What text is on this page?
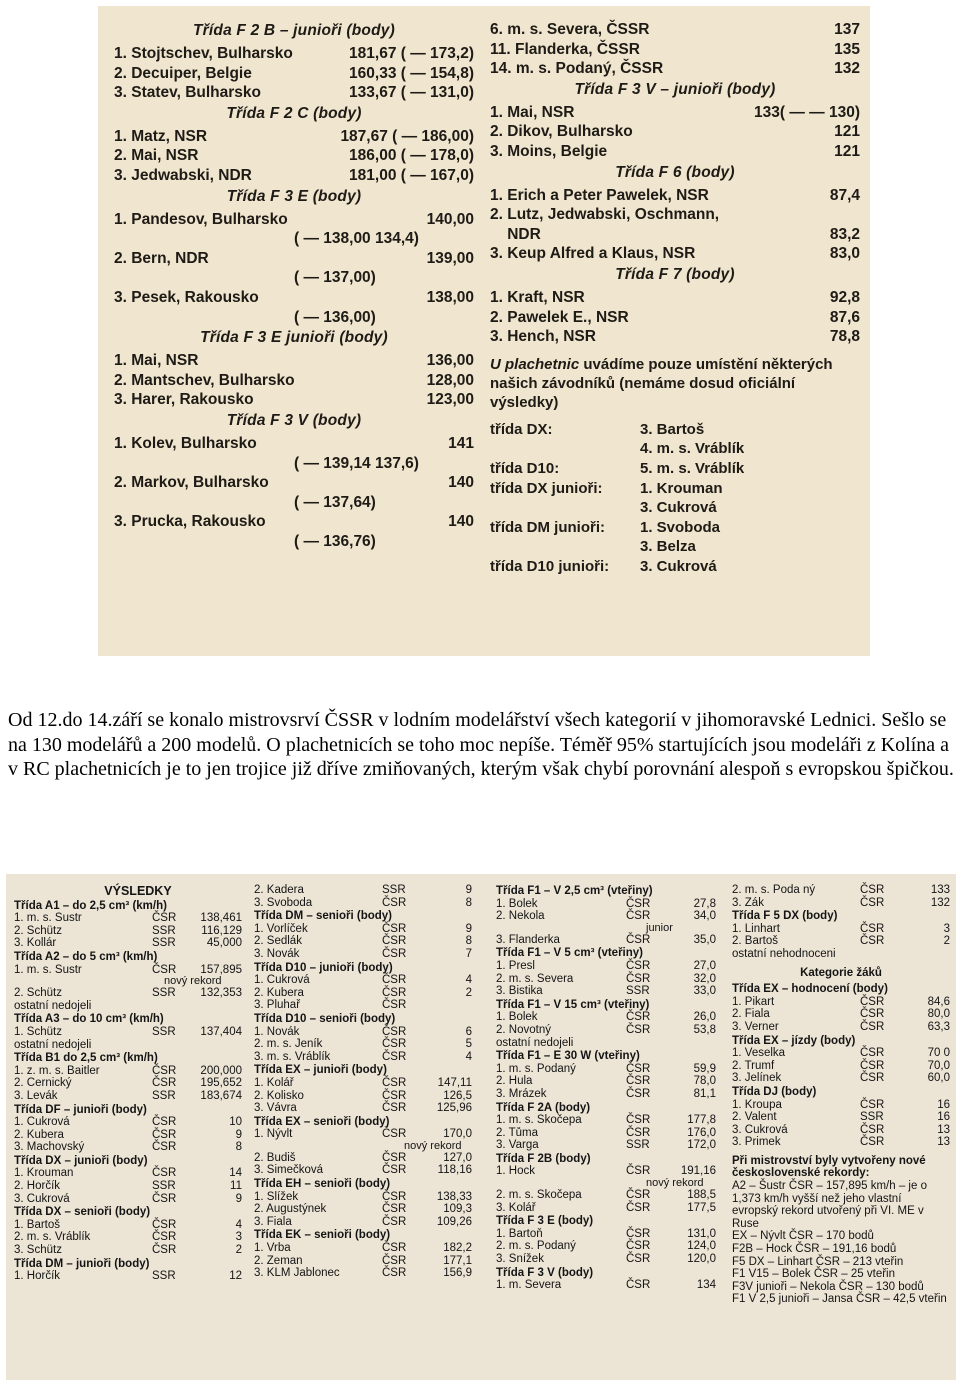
Třída F 2 B – junioři (body)
1. Stojtschev, Bulharsko	181,67 ( — 173,2)
2. Decuiper, Belgie	160,33 ( — 154,8)
3. Statev, Bulharsko	133,67 ( — 131,0)
Třída F 2 C (body)
1. Matz, NSR	187,67 ( — 186,00)
2. Mai, NSR	186,00 ( — 178,0)
3. Jedwabski, NDR	181,00 ( — 167,0)
Třída F 3 E (body)
1. Pandesov, Bulharsko	140,00
( — 138,00 134,4)
2. Bern, NDR	139,00
( — 137,00)
3. Pesek, Rakousko	138,00
( — 136,00)
Třída F 3 E junioři (body)
1. Mai, NSR	136,00
2. Mantschev, Bulharsko	128,00
3. Harer, Rakousko	123,00
Třída F 3 V (body)
1. Kolev, Bulharsko	141
( — 139,14 137,6)
2. Markov, Bulharsko	140
( — 137,64)
3. Prucka, Rakousko	140
( — 136,76)
6. m. s. Severa, ČSSR	137
11. Flanderka, ČSSR	135
14. m. s. Podaný, ČSSR	132
Třída F 3 V – junioři (body)
1. Mai, NSR	133( — — 130)
2. Dikov, Bulharsko	121
3. Moins, Belgie	121
Třída F 6 (body)
1. Erich a Peter Pawelek, NSR	87,4
2. Lutz, Jedwabski, Oschmann,
NDR	83,2
3. Keup Alfred a Klaus, NSR	83,0
Třída F 7 (body)
1. Kraft, NSR	92,8
2. Pawelek E., NSR	87,6
3. Hench, NSR	78,8
U plachetnic uvádíme pouze umístění některých našich závodníků (nemáme dosud oficiální výsledky)
třída DX:	3. Bartoš
4. m. s. Vráblík
třída D10:	5. m. s. Vráblík
třída DX junioři:	1. Krouman
3. Cukrová
třída DM junioři:	1. Svoboda
3. Belza
třída D10 junioři:	3. Cukrová

Od 12.do 14.září se konalo mistrovsrví ČSSR v lodním modelářství všech kategorií v jihomoravské Lednici. Sešlo se na 130 modelářů a 200 modelů. O plachetnicích se toho moc nepíše. Téměř 95% startujících jsou modeláři z Kolína a v RC plachetnicích je to jen trojice již dříve zmiňovaných, kterým však chybí porovnání alespoň s evropskou špičkou.

VÝSLEDKY
Třída A1 – do 2,5 cm³ (km/h)
1. m. s. Šustr	ČSR	138,461
2. Schütz	SSR	116,129
3. Kollár	SSR	45,000
Třída A2 – do 5 cm³ (km/h)
1. m. s. Šustr	ČSR	157,895
nový rekord
2. Schütz	SSR	132,353
ostatní nedojeli
Třída A3 – do 10 cm³ (km/h)
1. Schütz	SSR	137,404
ostatní nedojeli
Třída B1 do 2,5 cm³ (km/h)
1. z. m. s. Baitler	ČSR	200,000
2. Černický	ČSR	195,652
3. Levák	SSR	183,674
Třída DF – junioři (body)
1. Cukrová	ČSR	10
2. Kubera	ČSR	9
3. Machovský	ČSR	8
Třída DX – junioři (body)
1. Krouman	ČSR	14
2. Horčík	SSR	11
3. Cukrová	ČSR	9
Třída DX – senioři (body)
1. Bartoš	ČSR	4
2. m. s. Vráblík	ČSR	3
3. Schütz	ČSR	2
Třída DM – junioři (body)
1. Horčík	SSR	12
2. Kadera	SSR	9
3. Svoboda	ČSR	8
Třída DM – senioři (body)
1. Vorlíček	ČSR	9
2. Sedlák	ČSR	8
3. Novák	ČSR	7
Třída D10 – junioři (body)
1. Cukrová	ČSR	4
2. Kubera	ČSR	2
3. Pluhař	ČSR
Třída D10 – senioři (body)
1. Novák	ČSR	6
2. m. s. Jeník	ČSR	5
3. m. s. Vráblík	ČSR	4
Třída EX – junioři (body)
1. Kolář	ČSR	147,11
2. Kolisko	ČSR	126,5
3. Vávra	ČSR	125,96
Třída EX – senioři (body)
1. Nývlt	ČSR	170,0
nový rekord
2. Budiš	ČSR	127,0
3. Šimečková	ČSR	118,16
Třída EH – senioři (body)
1. Slížek	ČSR	138,33
2. Augustýnek	ČSR	109,3
3. Fiala	ČSR	109,26
Třída EK – senioři (body)
1. Vrba	ČSR	182,2
2. Zeman	ČSR	177,1
3. KLM Jablonec	ČSR	156,9
Třída F1 – V 2,5 cm³ (vteřiny)
1. Bolek	ČSR	27,8
2. Nekola	ČSR	34,0
junior
3. Flanderka	ČSR	35,0
Třída F1 – V 5 cm³ (vteřiny)
1. Presl	ČSR	27,0
2. m. s. Severa	ČSR	32,0
3. Bistika	SSR	33,0
Třída F1 – V 15 cm³ (vteřiny)
1. Bolek	ČSR	26,0
2. Novotný	ČSR	53,8
ostatní nedojeli
Třída F1 – E 30 W (vteřiny)
1. m. s. Podaný	ČSR	59,9
2. Hula	ČSR	78,0
3. Mrázek	ČSR	81,1
Třída F 2A (body)
1. m. s. Skočepa	ČSR	177,8
2. Tůma	ČSR	176,0
3. Varga	SSR	172,0
Třída F 2B (body)
1. Hock	ČSR	191,16
nový rekord
2. m. s. Skočepa	ČSR	188,5
3. Kolář	ČSR	177,5
Třída F 3 E (body)
1. Bartoň	ČSR	131,0
2. m. s. Podaný	ČSR	124,0
3. Snížek	ČSR	120,0
Třída F 3 V (body)
1. m. Severa	ČSR	134
2. m. s. Poda ný	ČSR	133
3. Žák	ČSR	132
Třída F 5 DX (body)
1. Linhart	ČSR	3
2. Bartoš	ČSR	2
ostatní nehodnoceni
Kategorie žáků
Třída EX – hodnocení (body)
1. Pikart	ČSR	84,6
2. Fiala	ČSR	80,0
3. Verner	ČSR	63,3
Třída EX – jízdy (body)
1. Veselka	ČSR	70 0
2. Trumf	ČSR	70,0
3. Jelínek	ČSR	60,0
Třída DJ (body)
1. Kroupa	ČSR	16
2. Valent	SSR	16
3. Cukrová	ČSR	13
3. Primek	ČSR	13
Při mistrovství byly vytvořeny nové československé rekordy:
A2 – Šustr ČSR – 157,895 km/h – je o 1,373 km/h vyšší než jeho vlastní evropský rekord utvořený při VI. ME v Ruse
EX – Nývlt ČSR – 170 bodů
F2B – Hock ČSR – 191,16 bodů
F5 DX – Linhart ČSR – 213 vteřin
F1 V15 – Bolek ČSR – 25 vteřin
F3V junioři – Nekola ČSR – 130 bodů
F1 V 2,5 junioři – Jansa ČSR – 42,5 vteřin
